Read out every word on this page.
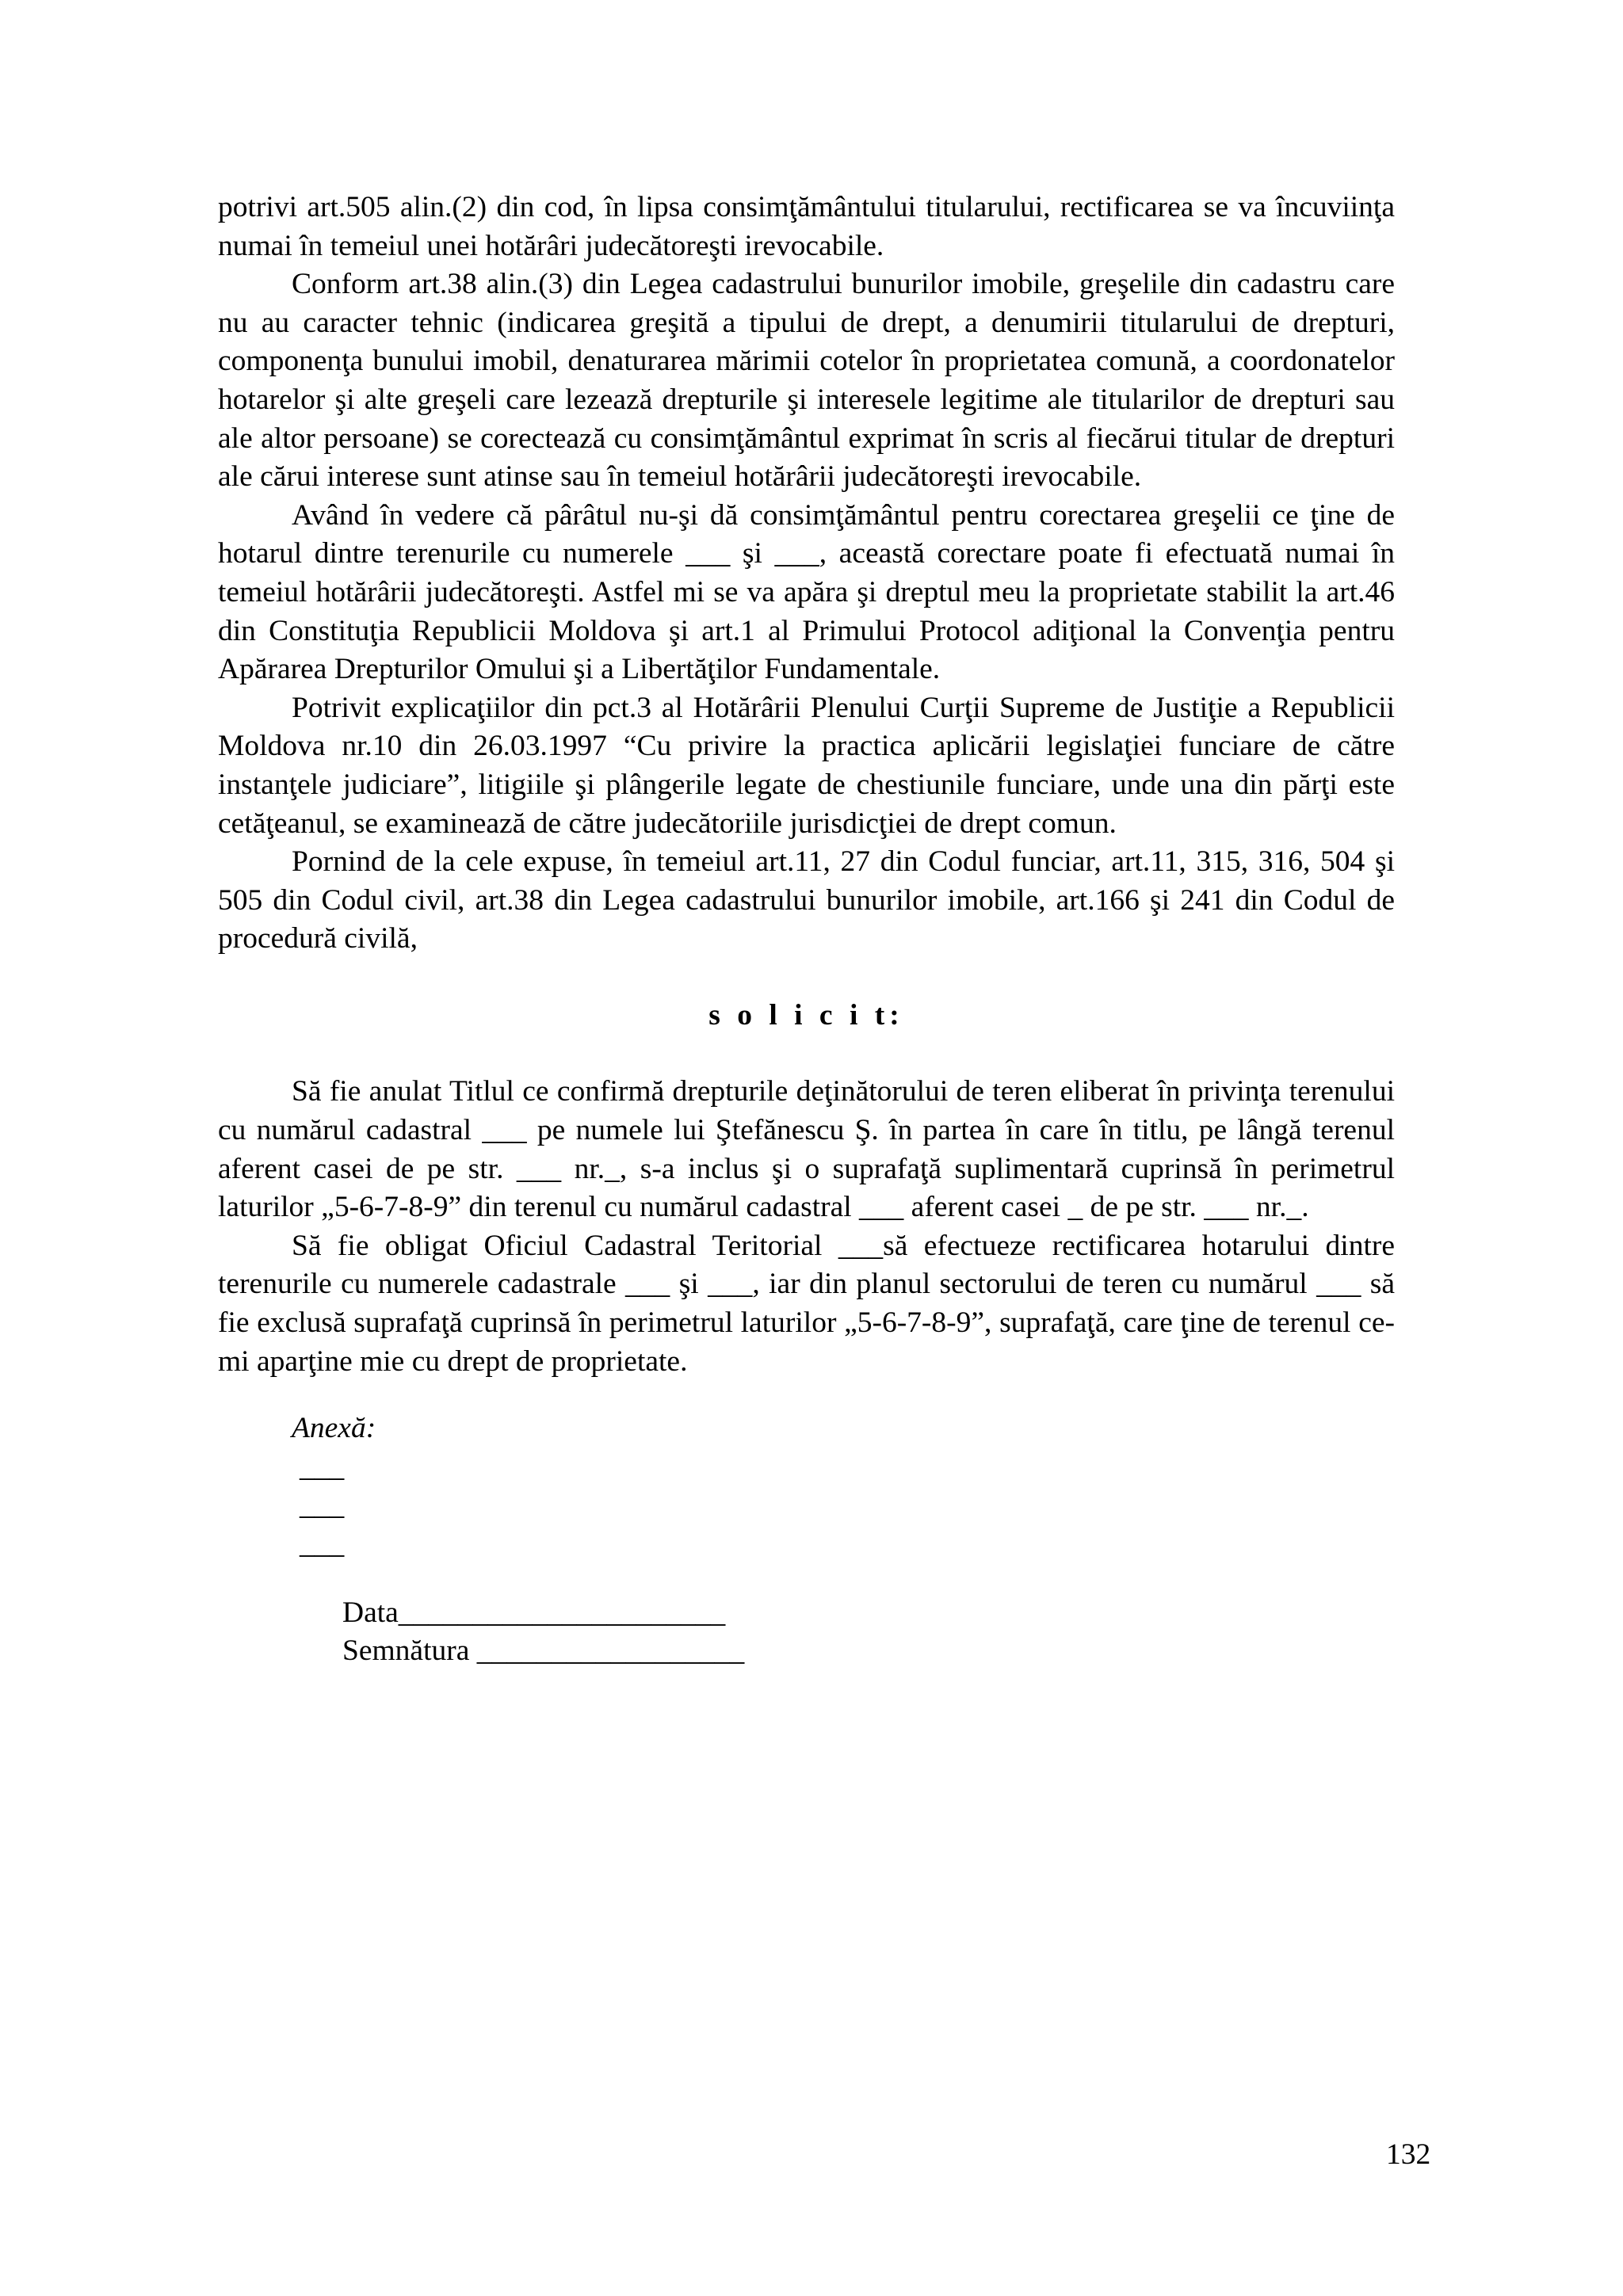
potrivi art.505 alin.(2) din cod, în lipsa consimţământului titularului, rectificarea se va încuviinţa numai în temeiul unei hotărâri judecătoreşti irevocabile.

Conform art.38 alin.(3) din Legea cadastrului bunurilor imobile, greşelile din cadastru care nu au caracter tehnic (indicarea greşită a tipului de drept, a denumirii titularului de drepturi, componenţa bunului imobil, denaturarea mărimii cotelor în proprietatea comună, a coordonatelor hotarelor şi alte greşeli care lezează drepturile şi interesele legitime ale titularilor de drepturi sau ale altor persoane) se corectează cu consimţământul exprimat în scris al fiecărui titular de drepturi ale cărui interese sunt atinse sau în temeiul hotărârii judecătoreşti irevocabile.

Având în vedere că pârâtul nu-şi dă consimţământul pentru corectarea greşelii ce ţine de hotarul dintre terenurile cu numerele ___ şi ___, această corectare poate fi efectuată numai în temeiul hotărârii judecătoreşti. Astfel mi se va apăra şi dreptul meu la proprietate stabilit la art.46 din Constituţia Republicii Moldova şi art.1 al Primului Protocol adiţional la Convenţia pentru Apărarea Drepturilor Omului şi a Libertăţilor Fundamentale.

Potrivit explicaţiilor din pct.3 al Hotărârii Plenului Curţii Supreme de Justiţie a Republicii Moldova nr.10 din 26.03.1997 “Cu privire la practica aplicării legislaţiei funciare de către instanţele judiciare”, litigiile şi plângerile legate de chestiunile funciare, unde una din părţi este cetăţeanul, se examinează de către judecătoriile jurisdicţiei de drept comun.

Pornind de la cele expuse, în temeiul art.11, 27 din Codul funciar, art.11, 315, 316, 504 şi 505 din Codul civil, art.38 din Legea cadastrului bunurilor imobile, art.166 şi 241 din Codul de procedură civilă,

s o l i c i t:

Să fie anulat Titlul ce confirmă drepturile deţinătorului de teren eliberat în privinţa terenului cu numărul cadastral ___ pe numele lui Ştefănescu Ş. în partea în care în titlu, pe lângă terenul aferent casei de pe str. ___ nr._, s-a inclus şi o suprafaţă suplimentară cuprinsă în perimetrul laturilor „5-6-7-8-9” din terenul cu numărul cadastral ___ aferent casei _ de pe str. ___ nr._.

Să fie obligat Oficiul Cadastral Teritorial ___să efectueze rectificarea hotarului dintre terenurile cu numerele cadastrale ___ şi ___, iar din planul sectorului de teren cu numărul ___ să fie exclusă suprafaţă cuprinsă în perimetrul laturilor „5-6-7-8-9”, suprafaţă, care ţine de terenul ce-mi aparţine mie cu drept de proprietate.

Anexă:
___
___
___
Data______________________
Semnătura __________________
132
